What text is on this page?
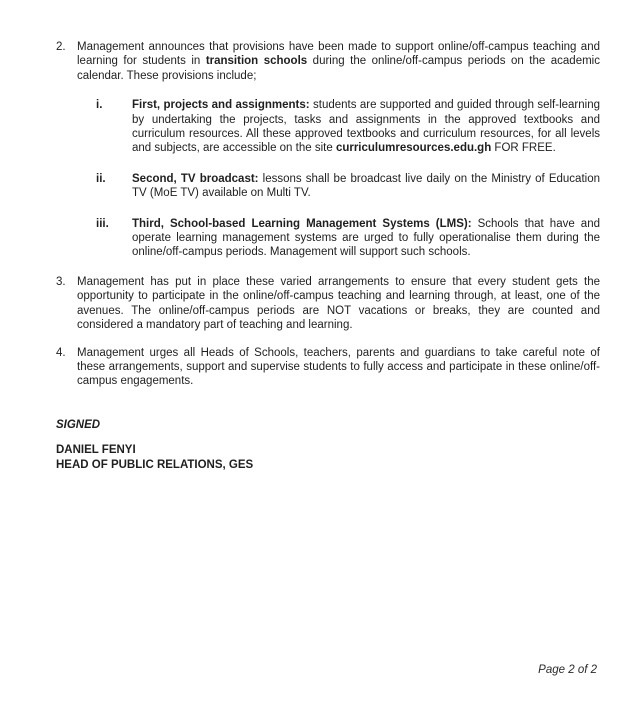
2. Management announces that provisions have been made to support online/off-campus teaching and learning for students in transition schools during the online/off-campus periods on the academic calendar. These provisions include;

i.	First, projects and assignments: students are supported and guided through self-learning by undertaking the projects, tasks and assignments in the approved textbooks and curriculum resources. All these approved textbooks and curriculum resources, for all levels and subjects, are accessible on the site curriculumresources.edu.gh FOR FREE.

ii.	Second, TV broadcast: lessons shall be broadcast live daily on the Ministry of Education TV (MoE TV) available on Multi TV.

iii.	Third, School-based Learning Management Systems (LMS): Schools that have and operate learning management systems are urged to fully operationalise them during the online/off-campus periods. Management will support such schools.

3. Management has put in place these varied arrangements to ensure that every student gets the opportunity to participate in the online/off-campus teaching and learning through, at least, one of the avenues. The online/off-campus periods are NOT vacations or breaks, they are counted and considered a mandatory part of teaching and learning.

4. Management urges all Heads of Schools, teachers, parents and guardians to take careful note of these arrangements, support and supervise students to fully access and participate in these online/off-campus engagements.

SIGNED
DANIEL FENYI
HEAD OF PUBLIC RELATIONS, GES
Page 2 of 2
